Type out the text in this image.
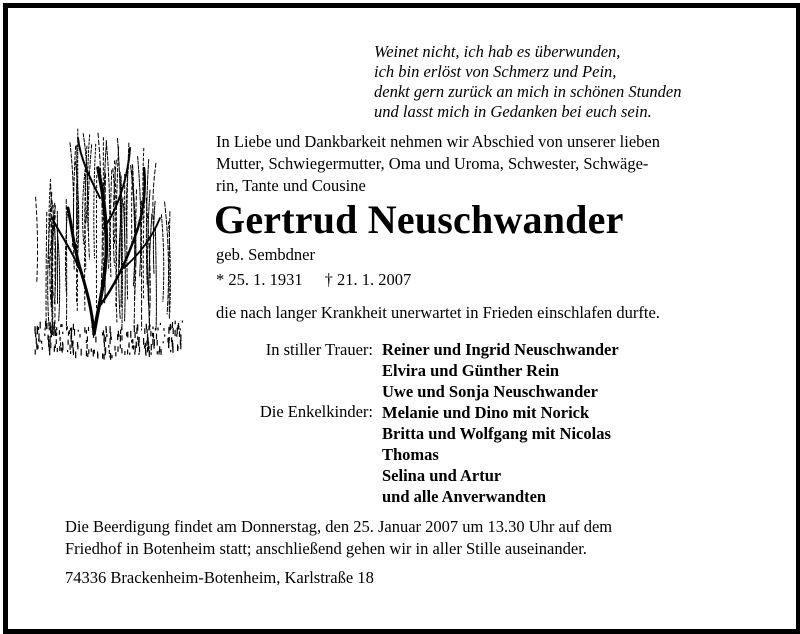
Weinet nicht, ich hab es überwunden,
ich bin erlöst von Schmerz und Pein,
denkt gern zurück an mich in schönen Stunden
und lasst mich in Gedanken bei euch sein.
In Liebe und Dankbarkeit nehmen wir Abschied von unserer lieben
Mutter, Schwiegermutter, Oma und Uroma, Schwester, Schwäge-
rin, Tante und Cousine
Gertrud Neuschwander
geb. Sembdner
* 25. 1. 1931 † 21. 1. 2007
die nach langer Krankheit unerwartet in Frieden einschlafen durfte.
In stiller Trauer: Reiner und Ingrid Neuschwander
Elvira und Günther Rein
Uwe und Sonja Neuschwander
Die Enkelkinder: Melanie und Dino mit Norick
Britta und Wolfgang mit Nicolas
Thomas
Selina und Artur
und alle Anverwandten
Die Beerdigung findet am Donnerstag, den 25. Januar 2007 um 13.30 Uhr auf dem
Friedhof in Botenheim statt; anschließend gehen wir in aller Stille auseinander.
74336 Brackenheim-Botenheim, Karlstraße 18
